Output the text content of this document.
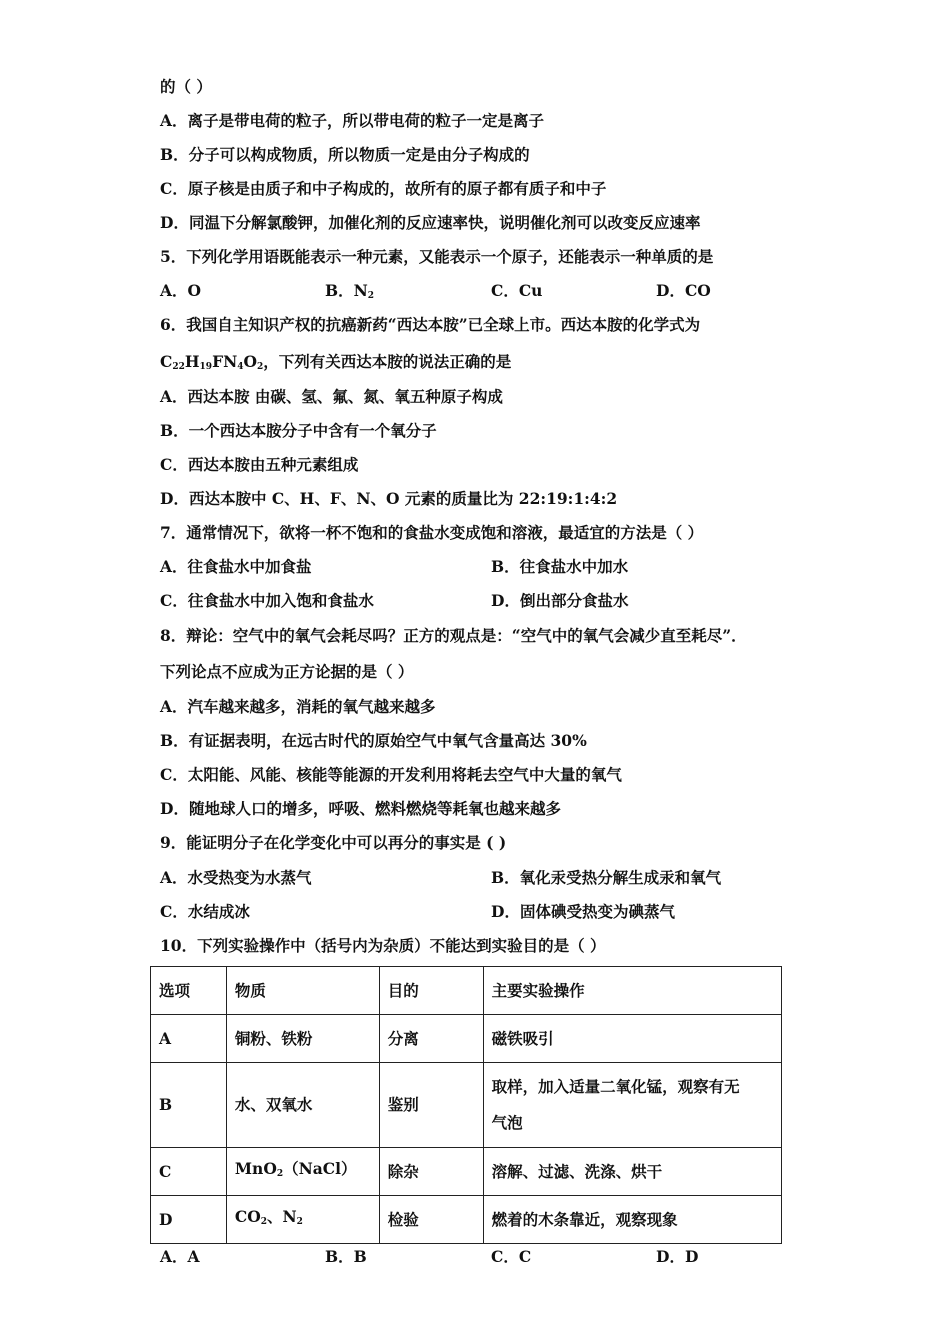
的（ ）
A．离子是带电荷的粒子，所以带电荷的粒子一定是离子
B．分子可以构成物质，所以物质一定是由分子构成的
C．原子核是由质子和中子构成的，故所有的原子都有质子和中子
D．同温下分解氯酸钾，加催化剂的反应速率快，说明催化剂可以改变反应速率
5．下列化学用语既能表示一种元素，又能表示一个原子，还能表示一种单质的是
A．O	B．$N_2$	C．Cu	D．CO
6．我国自主知识产权的抗癌新药“西达本胺”已全球上市。西达本胺的化学式为
$C_{22}H_{19}FN_4O_2$，下列有关西达本胺的说法正确的是
A．西达本胺 由碳、氢、氟、氮、氧五种原子构成
B．一个西达本胺分子中含有一个氧分子
C．西达本胺由五种元素组成
D．西达本胺中 C、H、F、N、O 元素的质量比为 22:19:1:4:2
7．通常情况下，欲将一杯不饱和的食盐水变成饱和溶液，最适宜的方法是（ ）
A．往食盐水中加食盐	B．往食盐水中加水
C．往食盐水中加入饱和食盐水	D．倒出部分食盐水
8．辩论：空气中的氧气会耗尽吗？正方的观点是：“空气中的氧气会减少直至耗尽”．
下列论点不应成为正方论据的是（ ）
A．汽车越来越多，消耗的氧气越来越多
B．有证据表明，在远古时代的原始空气中氧气含量高达 30%
C．太阳能、风能、核能等能源的开发利用将耗去空气中大量的氧气
D．随地球人口的增多，呼吸、燃料燃烧等耗氧也越来越多
9．能证明分子在化学变化中可以再分的事实是 ( )
A．水受热变为水蒸气	B．氧化汞受热分解生成汞和氧气
C．水结成冰	D．固体碘受热变为碘蒸气
10．下列实验操作中（括号内为杂质）不能达到实验目的是（ ）
选项	物质	目的	主要实验操作
A	铜粉、铁粉	分离	磁铁吸引
B	水、双氧水	鉴别	取样，加入适量二氧化锰，观察有无
气泡

C	MnO$_2$（NaCl）	除杂	溶解、过滤、洗涤、烘干
D	$CO_2$、$N_2$	检验	燃着的木条靠近，观察现象
A．A	B．B	C．C	D．D
